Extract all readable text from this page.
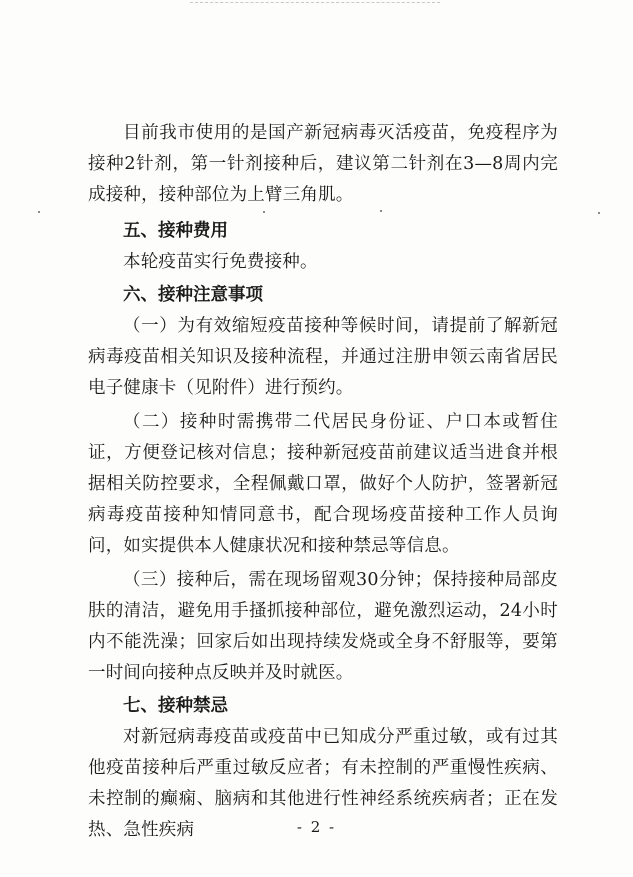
目前我市使用的是国产新冠病毒灭活疫苗，免疫程序为接种2针剂，第一针剂接种后，建议第二针剂在3—8周内完成接种，接种部位为上臂三角肌。

五、接种费用

本轮疫苗实行免费接种。

六、接种注意事项

（一）为有效缩短疫苗接种等候时间，请提前了解新冠病毒疫苗相关知识及接种流程，并通过注册申领云南省居民电子健康卡（见附件）进行预约。

（二）接种时需携带二代居民身份证、户口本或暂住证，方便登记核对信息；接种新冠疫苗前建议适当进食并根据相关防控要求，全程佩戴口罩，做好个人防护，签署新冠病毒疫苗接种知情同意书，配合现场疫苗接种工作人员询问，如实提供本人健康状况和接种禁忌等信息。

（三）接种后，需在现场留观30分钟；保持接种局部皮肤的清洁，避免用手搔抓接种部位，避免激烈运动，24小时内不能洗澡；回家后如出现持续发烧或全身不舒服等，要第一时间向接种点反映并及时就医。

七、接种禁忌

对新冠病毒疫苗或疫苗中已知成分严重过敏，或有过其他疫苗接种后严重过敏反应者；有未控制的严重慢性疾病、未控制的癫痫、脑病和其他进行性神经系统疾病者；正在发热、急性疾病	- 2 -
